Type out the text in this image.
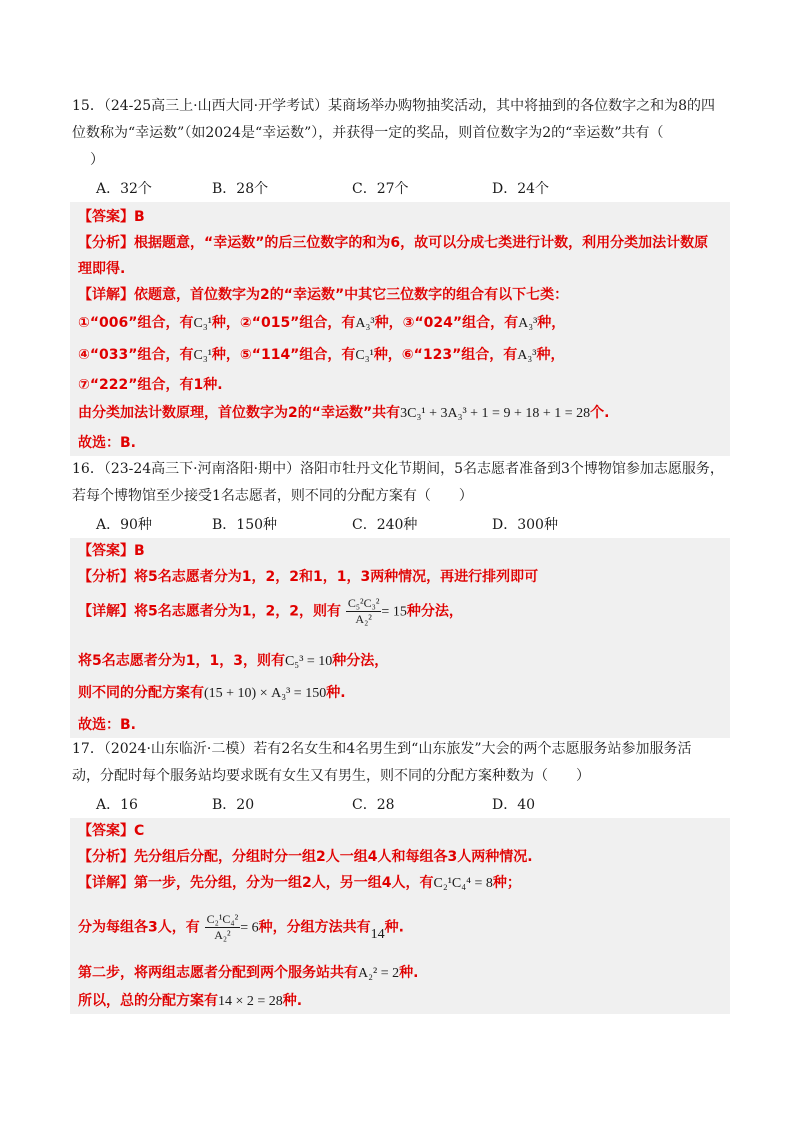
15．（24-25高三上·山西大同·开学考试）某商场举办购物抽奖活动，其中将抽到的各位数字之和为8的四
位数称为“幸运数”（如2024是“幸运数”），并获得一定的奖品，则首位数字为2的“幸运数”共有（
）
A．32个	B．28个	C．27个	D．24个
【答案】B
【分析】根据题意，“幸运数”的后三位数字的和为6，故可以分成七类进行计数，利用分类加法计数原
理即得.
【详解】依题意，首位数字为2的“幸运数”中其它三位数字的组合有以下七类：
①“006”组合，有C₃¹种，②“015”组合，有A₃³种，③“024”组合，有A₃³种，
④“033”组合，有C₃¹种，⑤“114”组合，有C₃¹种，⑥“123”组合，有A₃³种，
⑦“222”组合，有1种.
由分类加法计数原理，首位数字为2的“幸运数”共有3C₃¹ + 3A₃³ + 1 = 9 + 18 + 1 = 28个.
故选：B.
16．（23-24高三下·河南洛阳·期中）洛阳市牡丹文化节期间，5名志愿者准备到3个博物馆参加志愿服务，
若每个博物馆至少接受1名志愿者，则不同的分配方案有（　　）
A．90种	B．150种	C．240种	D．300种
【答案】B
【分析】将5名志愿者分为1，2，2和1，1，3两种情况，再进行排列即可
【详解】将5名志愿者分为1，2，2，则有 $\frac{\text{C₅²C₃²}}{\text{A₂²}} = 15$种分法，
将5名志愿者分为1，1，3，则有C₅³ = 10种分法，
则不同的分配方案有(15 + 10) × A₃³ = 150种.
故选：B.
17．（2024·山东临沂·二模）若有2名女生和4名男生到“山东旅发”大会的两个志愿服务站参加服务活
动，分配时每个服务站均要求既有女生又有男生，则不同的分配方案种数为（　　）
A．16	B．20	C．28	D．40
【答案】C
【分析】先分组后分配，分组时分一组2人一组4人和每组各3人两种情况.
【详解】第一步，先分组，分为一组2人，另一组4人，有C₂¹C₄⁴ = 8种；
分为每组各3人，有 $\frac{\text{C₂¹C₄²}}{\text{A₂²}} = 6$种，分组方法共有14种.
第二步，将两组志愿者分配到两个服务站共有A₂² = 2种.
所以，总的分配方案有14 × 2 = 28种.
